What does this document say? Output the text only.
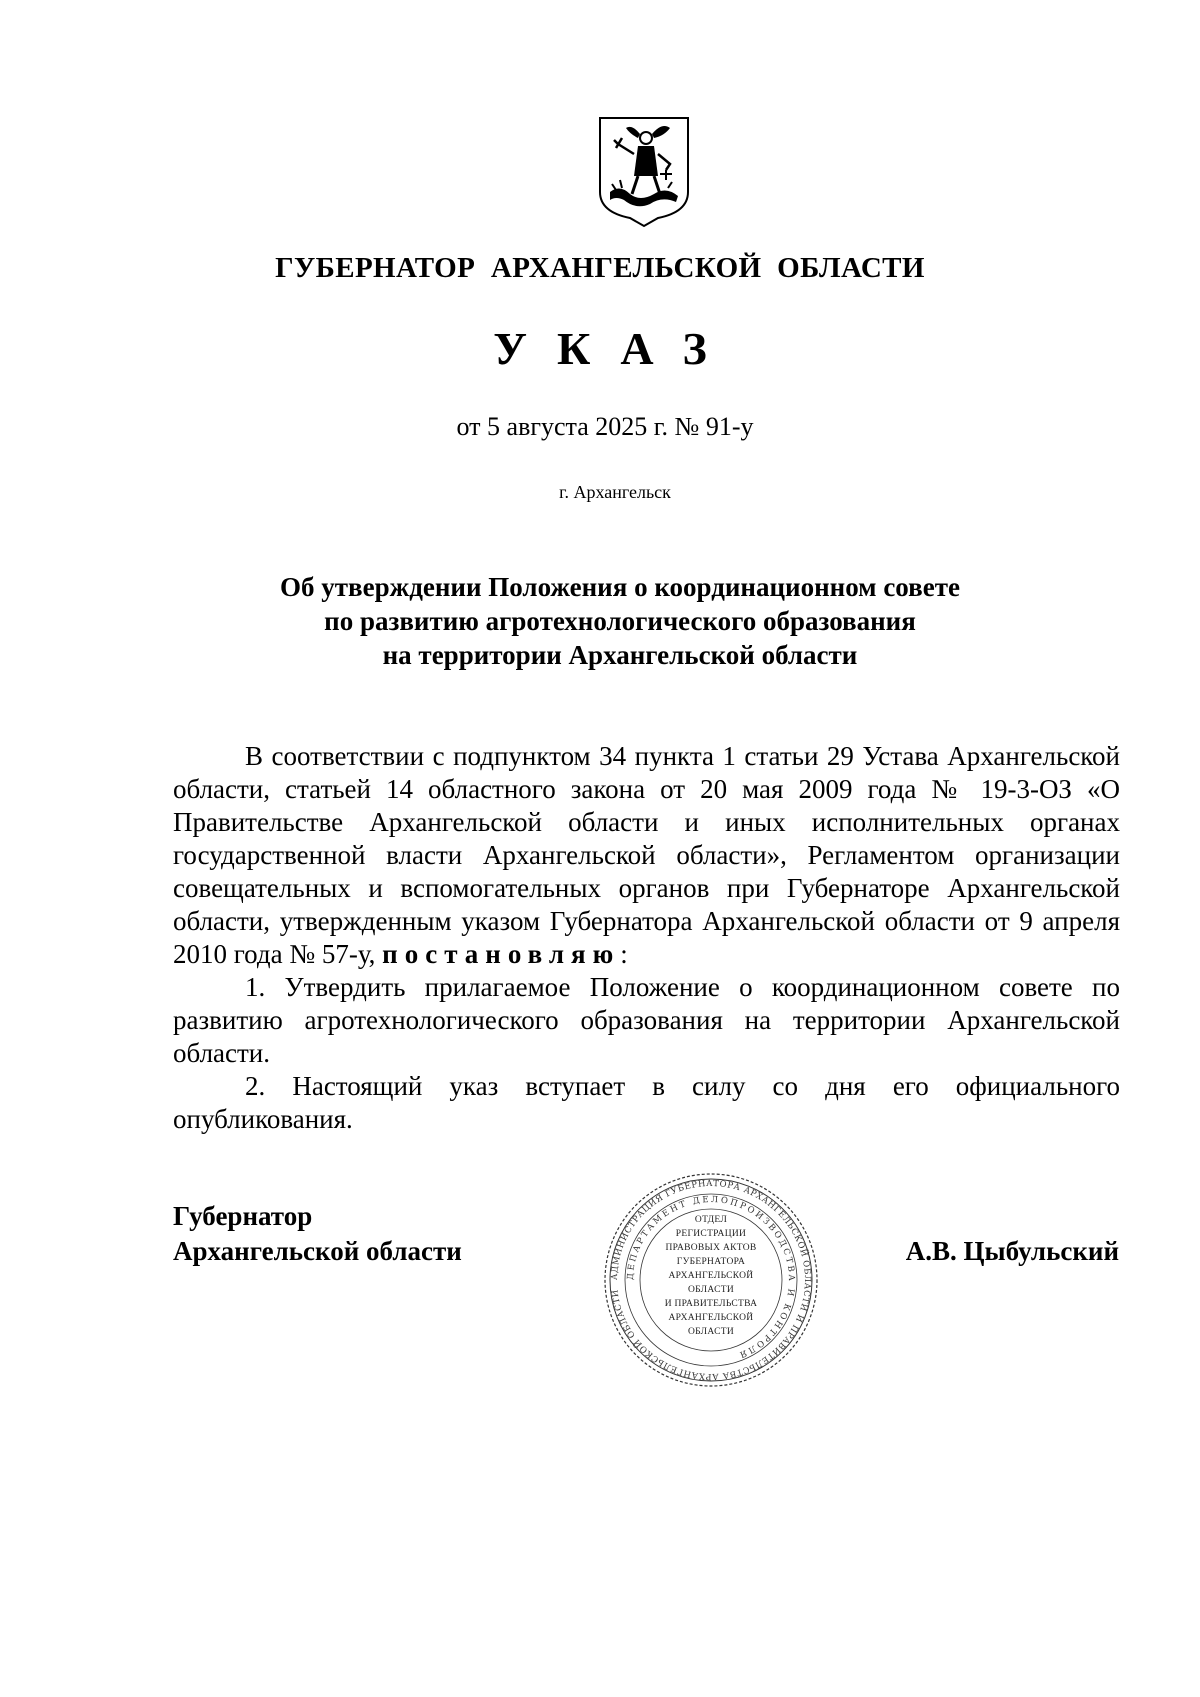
ГУБЕРНАТОР АРХАНГЕЛЬСКОЙ ОБЛАСТИ
УКАЗ
от 5 августа 2025 г. № 91-у
г. Архангельск
Об утверждении Положения о координационном совете
по развитию агротехнологического образования
на территории Архангельской области

В соответствии с подпунктом 34 пункта 1 статьи 29 Устава Архангельской области, статьей 14 областного закона от 20 мая 2009 года № 19-3-ОЗ «О Правительстве Архангельской области и иных исполнительных органах государственной власти Архангельской области», Регламентом организации совещательных и вспомогательных органов при Губернаторе Архангельской области, утвержденным указом Губернатора Архангельской области от 9 апреля 2010 года № 57-у, постановляю:

1. Утвердить прилагаемое Положение о координационном совете по развитию агротехнологического образования на территории Архангельской области.

2. Настоящий указ вступает в силу со дня его официального опубликования.

Губернатор
Архангельской области
АДМИНИСТРАЦИЯ ГУБЕРНАТОРА АРХАНГЕЛЬСКОЙ ОБЛАСТИ И ПРАВИТЕЛЬСТВА АРХАНГЕЛЬСКОЙ ОБЛАСТИ
ДЕПАРТАМЕНТ ДЕЛОПРОИЗВОДСТВА И КОНТРОЛЯ
ОТДЕЛ
РЕГИСТРАЦИИ
ПРАВОВЫХ АКТОВ
ГУБЕРНАТОРА
АРХАНГЕЛЬСКОЙ
ОБЛАСТИ
И ПРАВИТЕЛЬСТВА
АРХАНГЕЛЬСКОЙ
ОБЛАСТИ
А.В. Цыбульский
